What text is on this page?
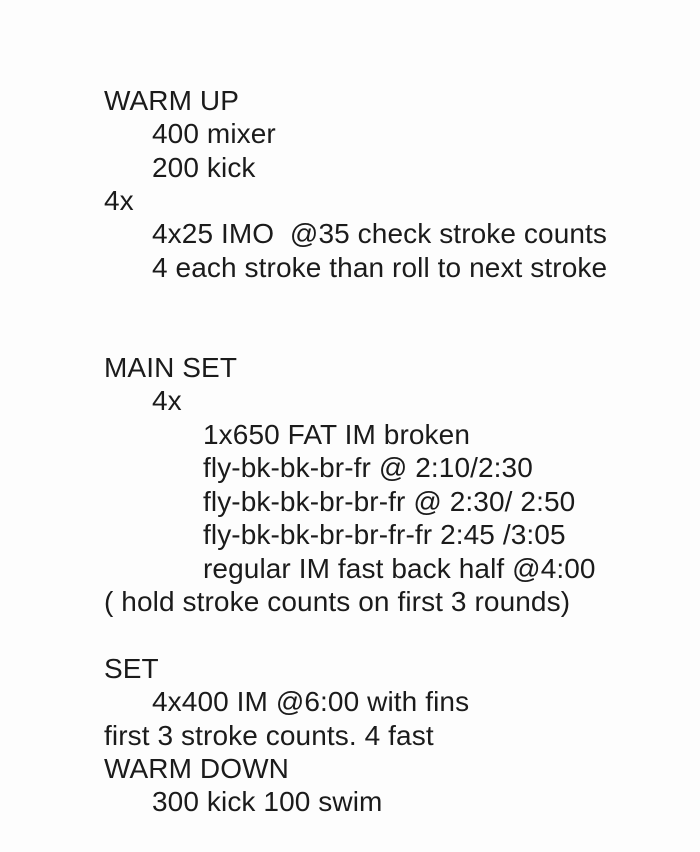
WARM UP
400 mixer
200 kick
4x
4x25 IMO  @35 check stroke counts
4 each stroke than roll to next stroke

MAIN SET
4x
1x650 FAT IM broken
fly-bk-bk-br-fr @ 2:10/2:30
fly-bk-bk-br-br-fr @ 2:30/ 2:50
fly-bk-bk-br-br-fr-fr 2:45 /3:05
regular IM fast back half @4:00
( hold stroke counts on first 3 rounds)

SET
4x400 IM @6:00 with fins
first 3 stroke counts. 4 fast
WARM DOWN
300 kick 100 swim
